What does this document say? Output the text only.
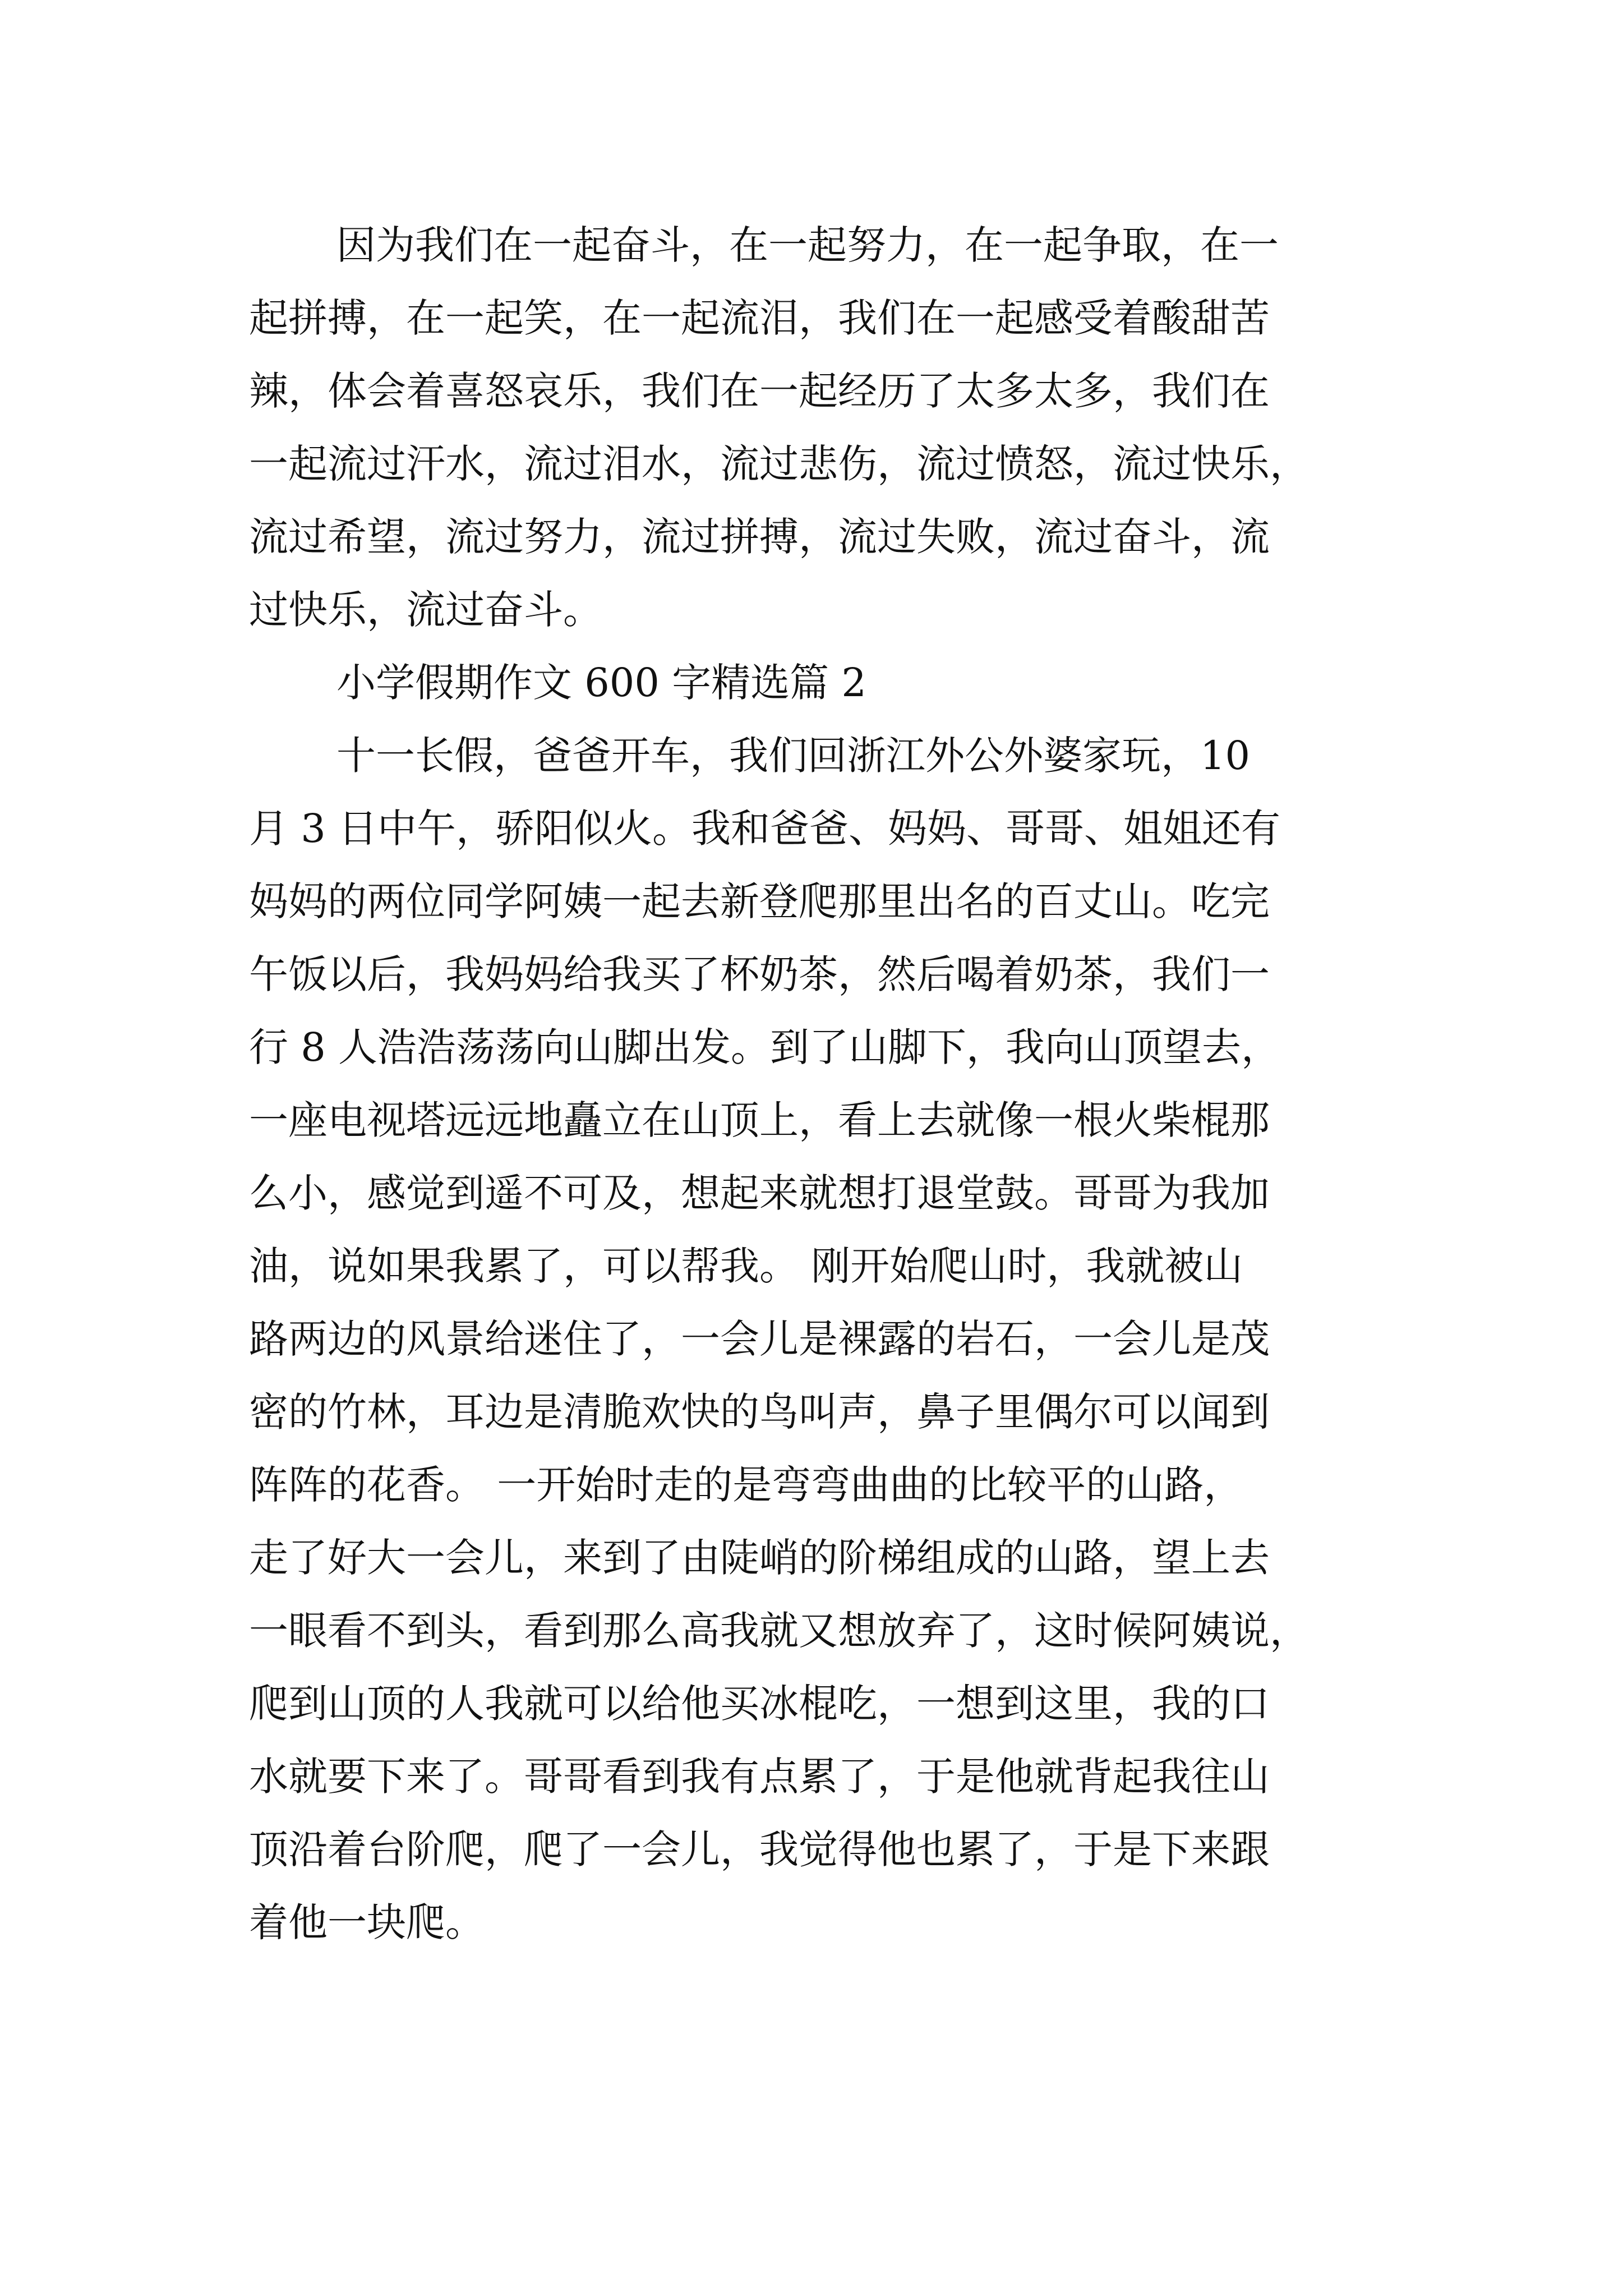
因为我们在一起奋斗，在一起努力，在一起争取，在一
起拼搏，在一起笑，在一起流泪，我们在一起感受着酸甜苦
辣，体会着喜怒哀乐，我们在一起经历了太多太多，我们在
一起流过汗水，流过泪水，流过悲伤，流过愤怒，流过快乐，
流过希望，流过努力，流过拼搏，流过失败，流过奋斗，流
过快乐，流过奋斗。
小学假期作文 600 字精选篇 2
十一长假，爸爸开车，我们回浙江外公外婆家玩，10
月 3 日中午，骄阳似火。我和爸爸、妈妈、哥哥、姐姐还有
妈妈的两位同学阿姨一起去新登爬那里出名的百丈山。吃完
午饭以后，我妈妈给我买了杯奶茶，然后喝着奶茶，我们一
行 8 人浩浩荡荡向山脚出发。到了山脚下，我向山顶望去，
一座电视塔远远地矗立在山顶上，看上去就像一根火柴棍那
么小，感觉到遥不可及，想起来就想打退堂鼓。哥哥为我加
油，说如果我累了，可以帮我。 刚开始爬山时，我就被山
路两边的风景给迷住了，一会儿是裸露的岩石，一会儿是茂
密的竹林，耳边是清脆欢快的鸟叫声，鼻子里偶尔可以闻到
阵阵的花香。 一开始时走的是弯弯曲曲的比较平的山路，
走了好大一会儿，来到了由陡峭的阶梯组成的山路，望上去
一眼看不到头，看到那么高我就又想放弃了，这时候阿姨说，
爬到山顶的人我就可以给他买冰棍吃，一想到这里，我的口
水就要下来了。哥哥看到我有点累了，于是他就背起我往山
顶沿着台阶爬，爬了一会儿，我觉得他也累了，于是下来跟
着他一块爬。
